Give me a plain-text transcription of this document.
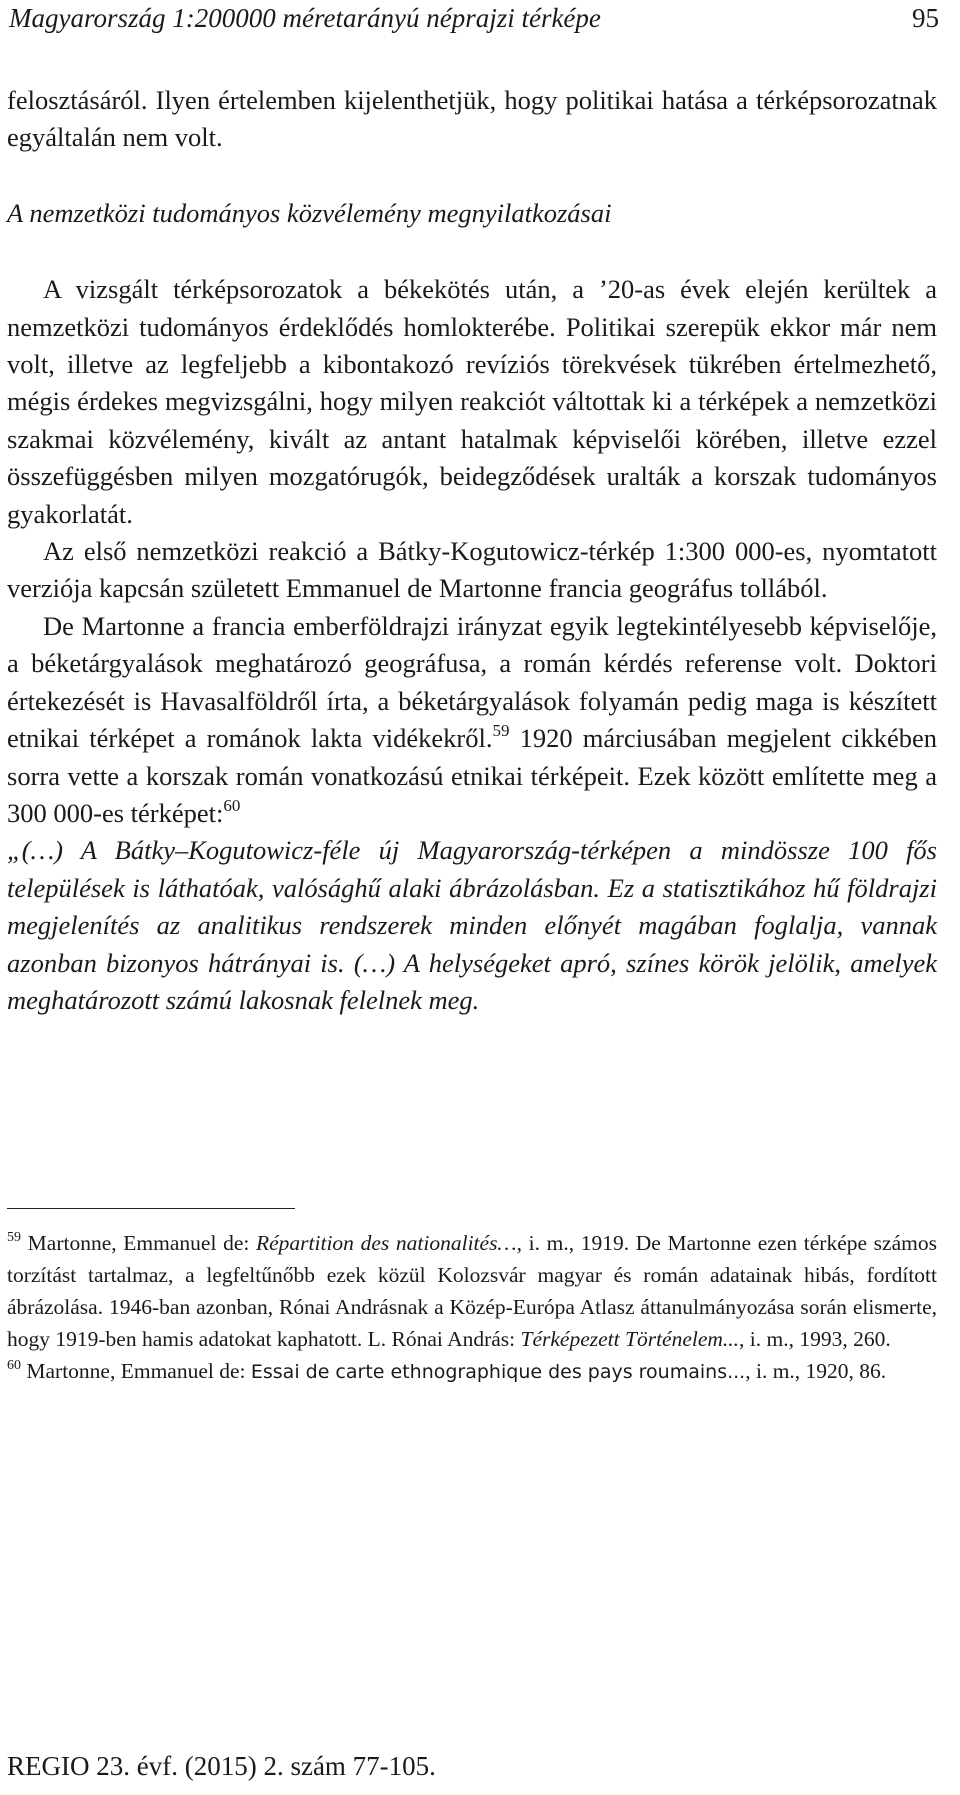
Magyarország 1:200000 méretarányú néprajzi térképe	95

felosztásáról. Ilyen értelemben kijelenthetjük, hogy politikai hatása a térképsorozatnak egyáltalán nem volt.

A nemzetközi tudományos közvélemény megnyilatkozásai

A vizsgált térképsorozatok a békekötés után, a ’20-as évek elején kerültek a nemzetközi tudományos érdeklődés homlokterébe. Politikai szerepük ekkor már nem volt, illetve az legfeljebb a kibontakozó revíziós törekvések tükrében értelmezhető, mégis érdekes megvizsgálni, hogy milyen reakciót váltottak ki a térképek a nemzetközi szakmai közvélemény, kivált az antant hatalmak képviselői körében, illetve ezzel összefüggésben milyen mozgatórugók, beidegződések uralták a korszak tudományos gyakorlatát.

Az első nemzetközi reakció a Bátky-Kogutowicz-térkép 1:300 000-es, nyomtatott verziója kapcsán született Emmanuel de Martonne francia geográfus tollából.

De Martonne a francia emberföldrajzi irányzat egyik legtekintélyesebb képviselője, a béketárgyalások meghatározó geográfusa, a román kérdés referense volt. Doktori értekezését is Havasalföldről írta, a béketárgyalások folyamán pedig maga is készített etnikai térképet a románok lakta vidékekről.$^{59}$ 1920 márciusában megjelent cikkében sorra vette a korszak román vonatkozású etnikai térképeit. Ezek között említette meg a 300 000-es térképet:$^{60}$

„(…) A Bátky–Kogutowicz-féle új Magyarország-térképen a mindössze 100 fős települések is láthatóak, valósághű alaki ábrázolásban. Ez a statisztikához hű földrajzi megjelenítés az analitikus rendszerek minden előnyét magában foglalja, vannak azonban bizonyos hátrányai is. (…) A helységeket apró, színes körök jelölik, amelyek meghatározott számú lakosnak felelnek meg.

$^{59}$ Martonne, Emmanuel de: Répartition des nationalités…, i. m., 1919. De Martonne ezen térképe számos torzítást tartalmaz, a legfeltűnőbb ezek közül Kolozsvár magyar és román adatainak hibás, fordított ábrázolása. 1946-ban azonban, Rónai Andrásnak a Közép-Európa Atlasz áttanulmányozása során elismerte, hogy 1919-ben hamis adatokat kaphatott. L. Rónai András: Térképezett Történelem..., i. m., 1993, 260.

$^{60}$ Martonne, Emmanuel de: Essai de carte ethnographique des pays roumains..., i. m., 1920, 86.

REGIO 23. évf. (2015) 2. szám 77-105.
